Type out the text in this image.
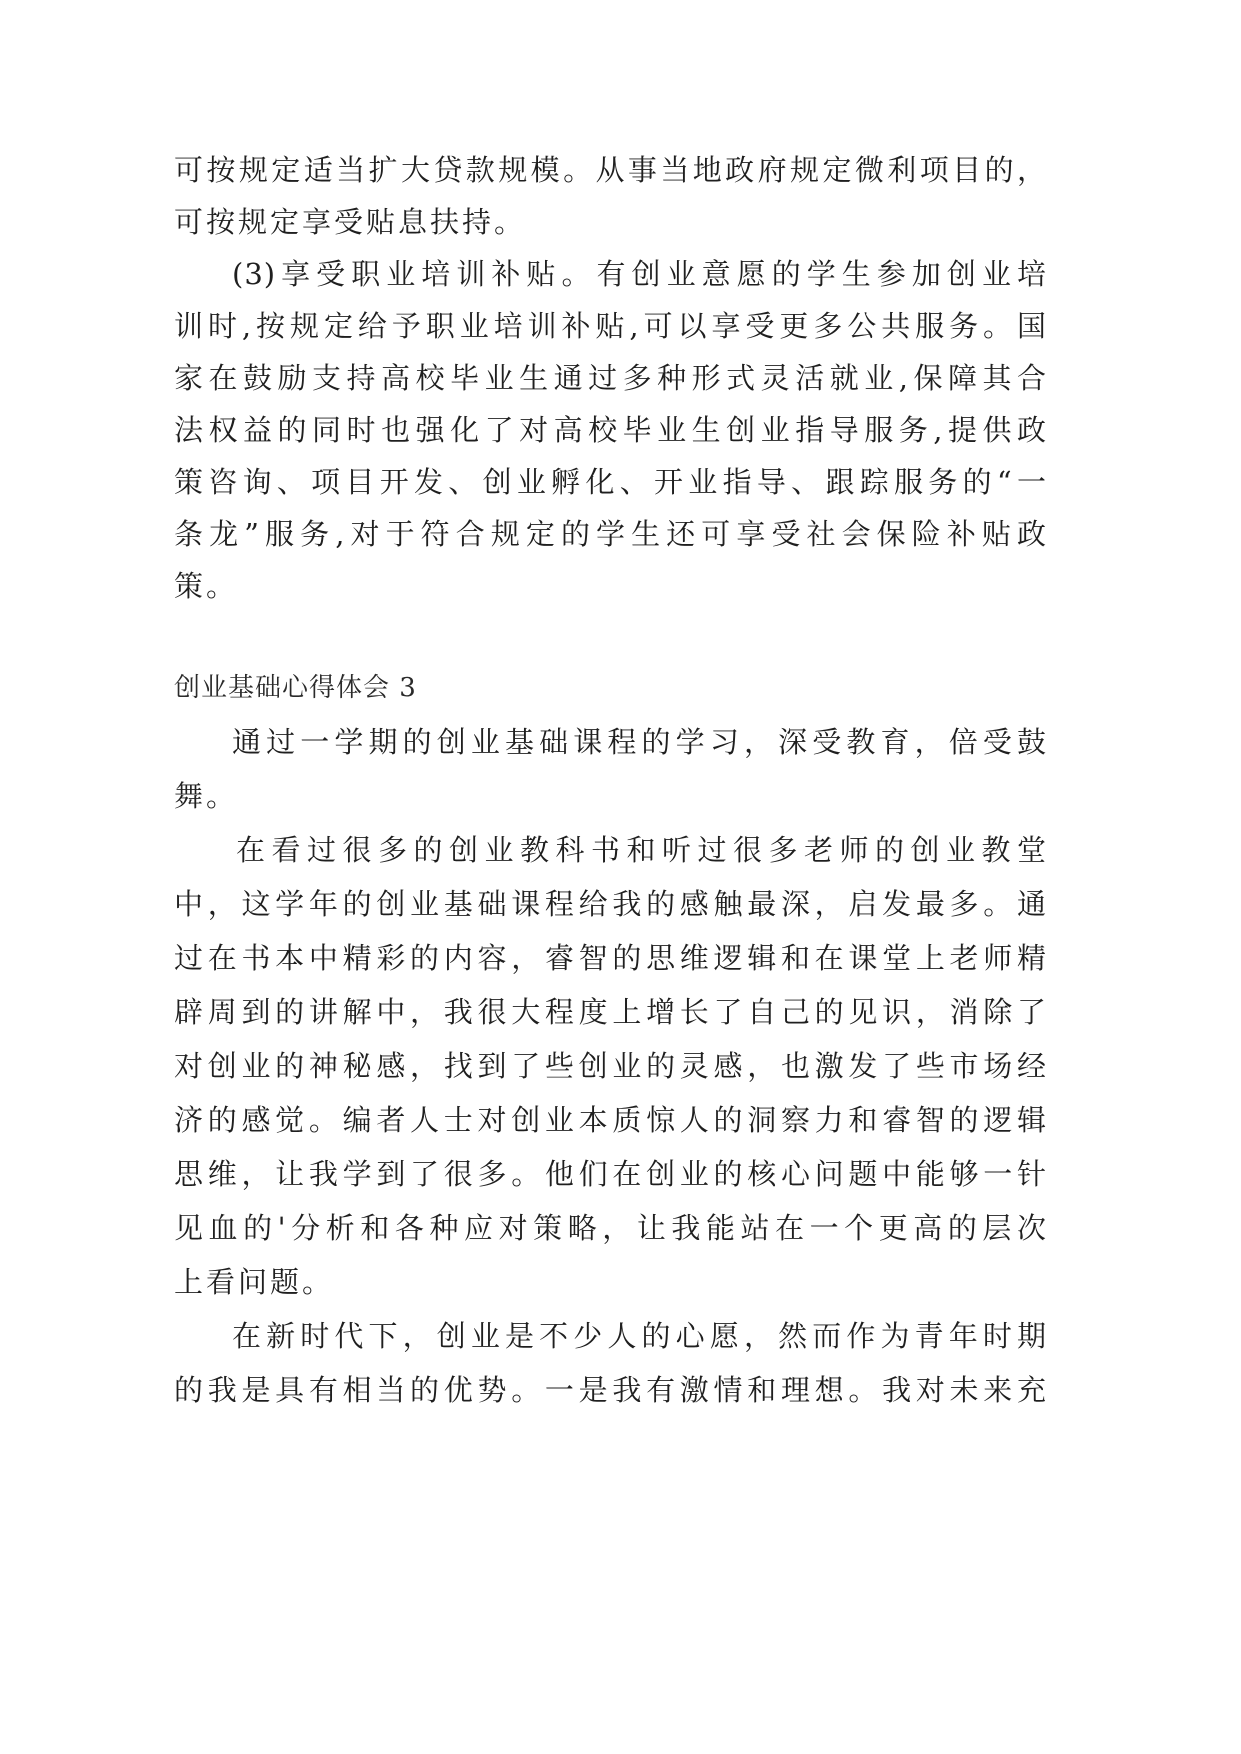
可按规定适当扩大贷款规模。从事当地政府规定微利项目的，
可按规定享受贴息扶持。
(3)享受职业培训补贴。有创业意愿的学生参加创业培
训时,按规定给予职业培训补贴,可以享受更多公共服务。国
家在鼓励支持高校毕业生通过多种形式灵活就业,保障其合
法权益的同时也强化了对高校毕业生创业指导服务,提供政
策咨询、项目开发、创业孵化、开业指导、跟踪服务的“一
条龙”服务,对于符合规定的学生还可享受社会保险补贴政
策。
创业基础心得体会 3
通过一学期的创业基础课程的学习，深受教育，倍受鼓
舞。
在看过很多的创业教科书和听过很多老师的创业教堂
中，这学年的创业基础课程给我的感触最深，启发最多。通
过在书本中精彩的内容，睿智的思维逻辑和在课堂上老师精
辟周到的讲解中，我很大程度上增长了自己的见识，消除了
对创业的神秘感，找到了些创业的灵感，也激发了些市场经
济的感觉。编者人士对创业本质惊人的洞察力和睿智的逻辑
思维，让我学到了很多。他们在创业的核心问题中能够一针
见血的'分析和各种应对策略，让我能站在一个更高的层次
上看问题。
在新时代下，创业是不少人的心愿，然而作为青年时期
的我是具有相当的优势。一是我有激情和理想。我对未来充
